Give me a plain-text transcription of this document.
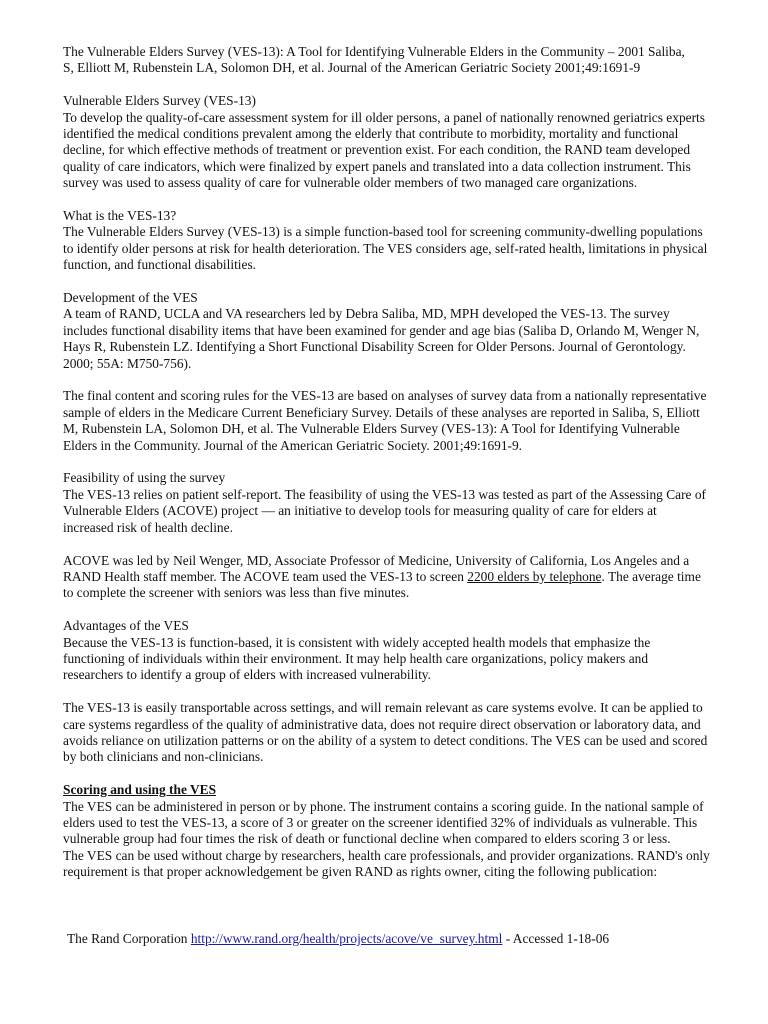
The Vulnerable Elders Survey (VES-13): A Tool for Identifying Vulnerable Elders in the Community – 2001 Saliba,

S, Elliott M, Rubenstein LA, Solomon DH, et al. Journal of the American Geriatric Society 2001;49:1691-9

Vulnerable Elders Survey (VES-13)

To develop the quality-of-care assessment system for ill older persons, a panel of nationally renowned geriatrics experts identified the medical conditions prevalent among the elderly that contribute to morbidity, mortality and functional decline, for which effective methods of treatment or prevention exist. For each condition, the RAND team developed quality of care indicators, which were finalized by expert panels and translated into a data collection instrument. This survey was used to assess quality of care for vulnerable older members of two managed care organizations.

What is the VES-13?

The Vulnerable Elders Survey (VES-13) is a simple function-based tool for screening community-dwelling populations to identify older persons at risk for health deterioration. The VES considers age, self-rated health, limitations in physical function, and functional disabilities.

Development of the VES

A team of RAND, UCLA and VA researchers led by Debra Saliba, MD, MPH developed the VES-13. The survey includes functional disability items that have been examined for gender and age bias (Saliba D, Orlando M, Wenger N, Hays R, Rubenstein LZ. Identifying a Short Functional Disability Screen for Older Persons. Journal of Gerontology. 2000; 55A: M750-756).

The final content and scoring rules for the VES-13 are based on analyses of survey data from a nationally representative sample of elders in the Medicare Current Beneficiary Survey. Details of these analyses are reported in Saliba, S, Elliott M, Rubenstein LA, Solomon DH, et al. The Vulnerable Elders Survey (VES-13): A Tool for Identifying Vulnerable Elders in the Community. Journal of the American Geriatric Society. 2001;49:1691-9.

Feasibility of using the survey

The VES-13 relies on patient self-report. The feasibility of using the VES-13 was tested as part of the Assessing Care of Vulnerable Elders (ACOVE) project — an initiative to develop tools for measuring quality of care for elders at increased risk of health decline.

ACOVE was led by Neil Wenger, MD, Associate Professor of Medicine, University of California, Los Angeles and a RAND Health staff member. The ACOVE team used the VES-13 to screen 2200 elders by telephone. The average time to complete the screener with seniors was less than five minutes.

Advantages of the VES

Because the VES-13 is function-based, it is consistent with widely accepted health models that emphasize the functioning of individuals within their environment. It may help health care organizations, policy makers and researchers to identify a group of elders with increased vulnerability.

The VES-13 is easily transportable across settings, and will remain relevant as care systems evolve. It can be applied to care systems regardless of the quality of administrative data, does not require direct observation or laboratory data, and avoids reliance on utilization patterns or on the ability of a system to detect conditions. The VES can be used and scored by both clinicians and non-clinicians.

Scoring and using the VES

The VES can be administered in person or by phone. The instrument contains a scoring guide. In the national sample of elders used to test the VES-13, a score of 3 or greater on the screener identified 32% of individuals as vulnerable. This vulnerable group had four times the risk of death or functional decline when compared to elders scoring 3 or less.

The VES can be used without charge by researchers, health care professionals, and provider organizations. RAND's only requirement is that proper acknowledgement be given RAND as rights owner, citing the following publication:

The Rand Corporation http://www.rand.org/health/projects/acove/ve_survey.html - Accessed 1-18-06
